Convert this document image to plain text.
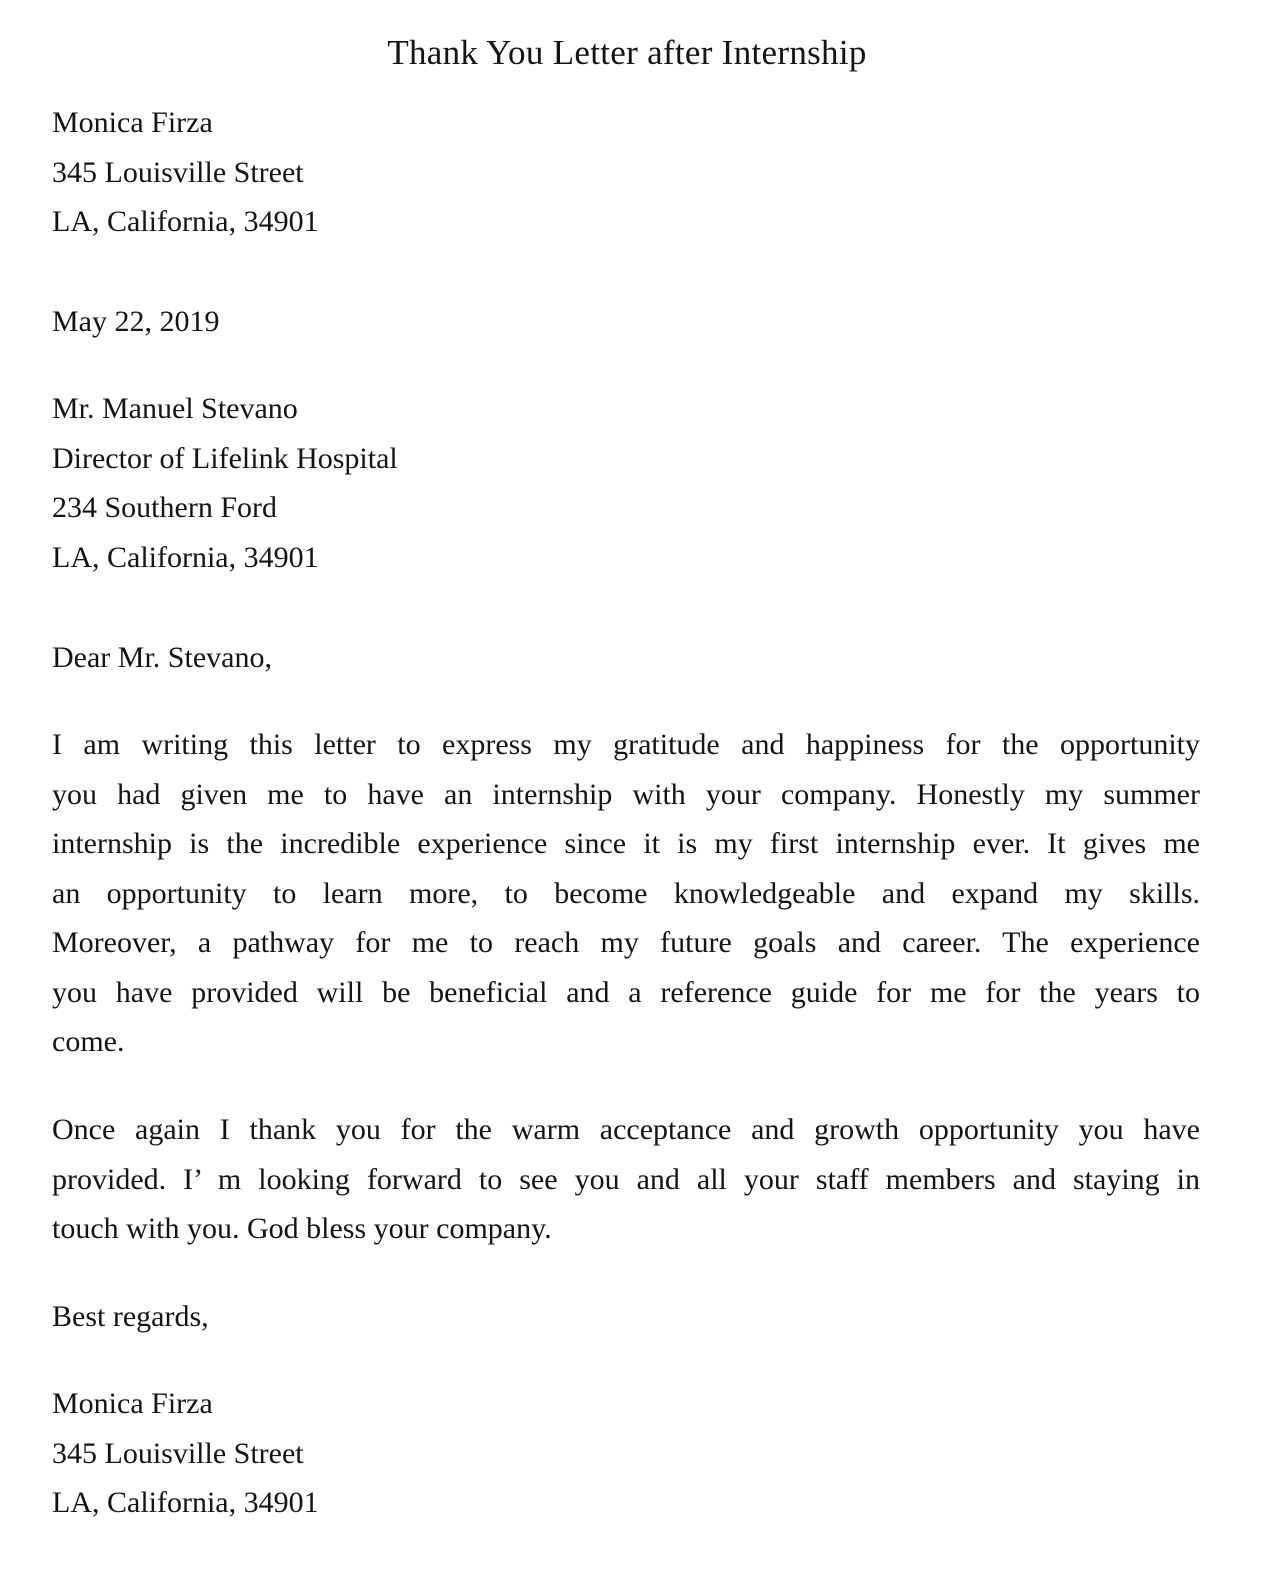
Thank You Letter after Internship
Monica Firza
345 Louisville Street
LA, California, 34901
May 22, 2019
Mr. Manuel Stevano
Director of Lifelink Hospital
234 Southern Ford
LA, California, 34901
Dear Mr. Stevano,
I am writing this letter to express my gratitude and happiness for the opportunity
you had given me to have an internship with your company. Honestly my summer
internship is the incredible experience since it is my first internship ever. It gives me
an opportunity to learn more, to become knowledgeable and expand my skills.
Moreover, a pathway for me to reach my future goals and career. The experience
you have provided will be beneficial and a reference guide for me for the years to
come.
Once again I thank you for the warm acceptance and growth opportunity you have
provided. I’ m looking forward to see you and all your staff members and staying in
touch with you. God bless your company.
Best regards,
Monica Firza
345 Louisville Street
LA, California, 34901
